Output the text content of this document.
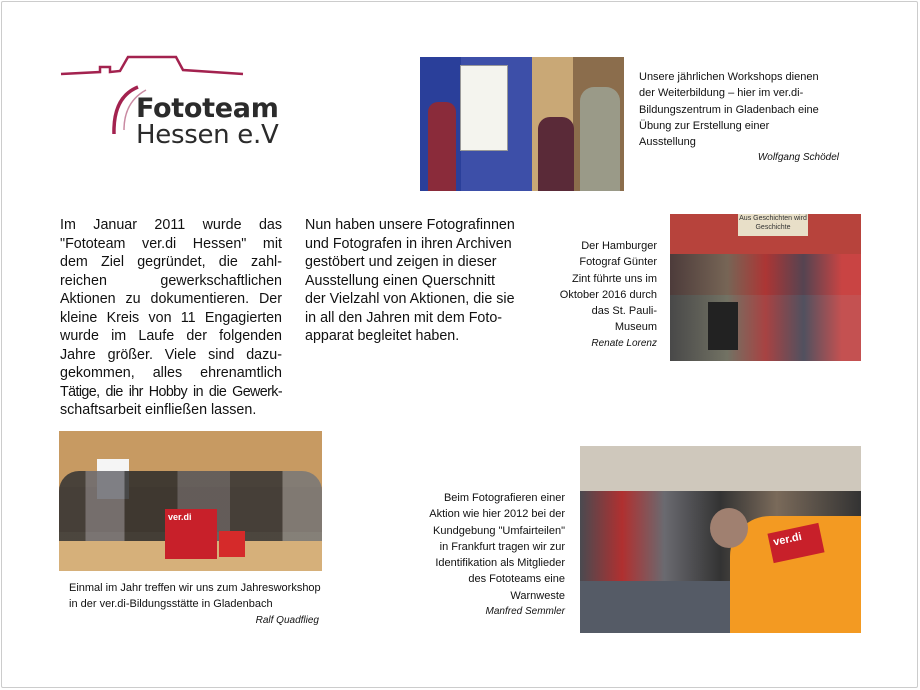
Fototeam
Hessen e.V
Im Januar 2011 wurde das
"Fototeam ver.di Hessen" mit
dem Ziel gegründet, die zahl-
reichen gewerkschaftlichen
Aktionen zu dokumentieren. Der
kleine Kreis von 11 Engagierten
wurde im Laufe der folgenden
Jahre größer. Viele sind dazu-
gekommen, alles ehrenamtlich
Tätige, die ihr Hobby in die Gewerk-
schaftsarbeit einfließen lassen.
Nun haben unsere Fotografinnen
und Fotografen in ihren Archiven
gestöbert und zeigen in dieser
Ausstellung einen Querschnitt
der Vielzahl von Aktionen, die sie
in all den Jahren mit dem Foto-
apparat begleitet haben.
Unsere jährlichen Workshops dienen
der Weiterbildung – hier im ver.di-
Bildungszentrum in Gladenbach eine
Übung zur Erstellung einer
Ausstellung
Wolfgang Schödel
Aus Geschichten wird Geschichte
Der Hamburger
Fotograf Günter
Zint führte uns im
Oktober 2016 durch
das St. Pauli-
Museum
Renate Lorenz
ver.di
Einmal im Jahr treffen wir uns zum Jahresworkshop
in der ver.di-Bildungsstätte in Gladenbach
Ralf Quadflieg
ver.di
Beim Fotografieren einer
Aktion wie hier 2012 bei der
Kundgebung "Umfairteilen"
in Frankfurt tragen wir zur
Identifikation als Mitglieder
des Fototeams eine
Warnweste
Manfred Semmler
